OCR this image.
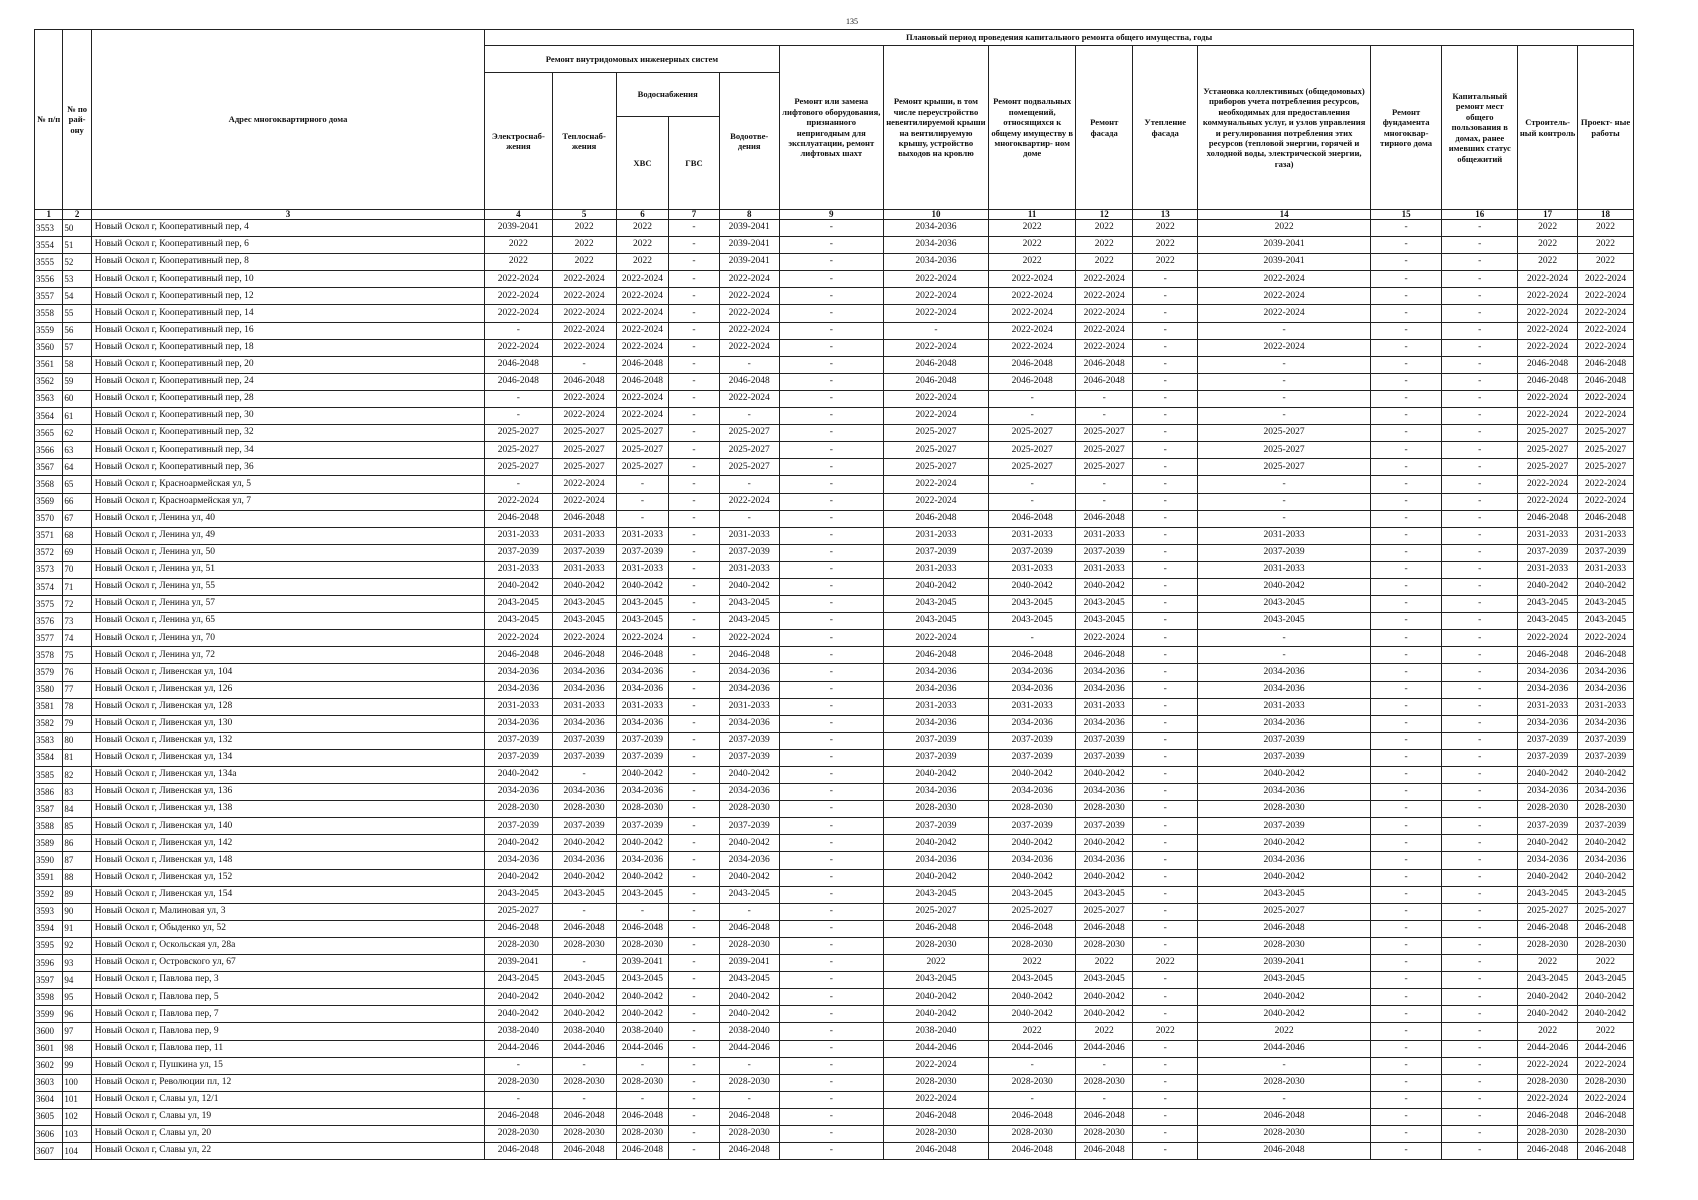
135
№ п/п	№ по рай- ону	Адрес многоквартирного дома	Плановый период проведения капитального ремонта общего имущества, годы														
			Ремонт внутридомовых инженерных систем					Ремонт или замена лифтового оборудования, признанного непригодным для эксплуатации, ремонт лифтовых шахт	Ремонт крыши, в том числе переустройство невентилируемой крыши на вентилируемую крышу, устройство выходов на кровлю	Ремонт подвальных помещений, относящихся к общему имуществу в многоквартир- ном доме	Ремонт фасада	Утепление фасада	Установка коллективных (общедомовых) приборов учета потребления ресурсов, необходимых для предоставления коммунальных услуг, и узлов управления и регулирования потребления этих ресурсов (тепловой энергии, горячей и холодной воды, электрической энергии, газа)	Ремонт фундамента многоквар- тирного дома	Капитальный ремонт мест общего пользования в домах, ранее имевших статус общежитий	Строитель- ный контроль	Проект- ные работы
			Электроснаб- жения	Теплоснаб- жения	Водоснабжения		Водоотве- дения										
					ХВС	ГВС											
1	2	3	4	5	6	7	8	9	10	11	12	13	14	15	16	17	18
3553	50	Новый Оскол г, Кооперативный пер, 4	2039-2041	2022	2022	-	2039-2041	-	2034-2036	2022	2022	2022	2022	-	-	2022	2022
3554	51	Новый Оскол г, Кооперативный пер, 6	2022	2022	2022	-	2039-2041	-	2034-2036	2022	2022	2022	2039-2041	-	-	2022	2022
3555	52	Новый Оскол г, Кооперативный пер, 8	2022	2022	2022	-	2039-2041	-	2034-2036	2022	2022	2022	2039-2041	-	-	2022	2022
3556	53	Новый Оскол г, Кооперативный пер, 10	2022-2024	2022-2024	2022-2024	-	2022-2024	-	2022-2024	2022-2024	2022-2024	-	2022-2024	-	-	2022-2024	2022-2024
3557	54	Новый Оскол г, Кооперативный пер, 12	2022-2024	2022-2024	2022-2024	-	2022-2024	-	2022-2024	2022-2024	2022-2024	-	2022-2024	-	-	2022-2024	2022-2024
3558	55	Новый Оскол г, Кооперативный пер, 14	2022-2024	2022-2024	2022-2024	-	2022-2024	-	2022-2024	2022-2024	2022-2024	-	2022-2024	-	-	2022-2024	2022-2024
3559	56	Новый Оскол г, Кооперативный пер, 16	-	2022-2024	2022-2024	-	2022-2024	-	-	2022-2024	2022-2024	-	-	-	-	2022-2024	2022-2024
3560	57	Новый Оскол г, Кооперативный пер, 18	2022-2024	2022-2024	2022-2024	-	2022-2024	-	2022-2024	2022-2024	2022-2024	-	2022-2024	-	-	2022-2024	2022-2024
3561	58	Новый Оскол г, Кооперативный пер, 20	2046-2048	-	2046-2048	-	-	-	2046-2048	2046-2048	2046-2048	-	-	-	-	2046-2048	2046-2048
3562	59	Новый Оскол г, Кооперативный пер, 24	2046-2048	2046-2048	2046-2048	-	2046-2048	-	2046-2048	2046-2048	2046-2048	-	-	-	-	2046-2048	2046-2048
3563	60	Новый Оскол г, Кооперативный пер, 28	-	2022-2024	2022-2024	-	2022-2024	-	2022-2024	-	-	-	-	-	-	2022-2024	2022-2024
3564	61	Новый Оскол г, Кооперативный пер, 30	-	2022-2024	2022-2024	-	-	-	2022-2024	-	-	-	-	-	-	2022-2024	2022-2024
3565	62	Новый Оскол г, Кооперативный пер, 32	2025-2027	2025-2027	2025-2027	-	2025-2027	-	2025-2027	2025-2027	2025-2027	-	2025-2027	-	-	2025-2027	2025-2027
3566	63	Новый Оскол г, Кооперативный пер, 34	2025-2027	2025-2027	2025-2027	-	2025-2027	-	2025-2027	2025-2027	2025-2027	-	2025-2027	-	-	2025-2027	2025-2027
3567	64	Новый Оскол г, Кооперативный пер, 36	2025-2027	2025-2027	2025-2027	-	2025-2027	-	2025-2027	2025-2027	2025-2027	-	2025-2027	-	-	2025-2027	2025-2027
3568	65	Новый Оскол г, Красноармейская ул, 5	-	2022-2024	-	-	-	-	2022-2024	-	-	-	-	-	-	2022-2024	2022-2024
3569	66	Новый Оскол г, Красноармейская ул, 7	2022-2024	2022-2024	-	-	2022-2024	-	2022-2024	-	-	-	-	-	-	2022-2024	2022-2024
3570	67	Новый Оскол г, Ленина ул, 40	2046-2048	2046-2048	-	-	-	-	2046-2048	2046-2048	2046-2048	-	-	-	-	2046-2048	2046-2048
3571	68	Новый Оскол г, Ленина ул, 49	2031-2033	2031-2033	2031-2033	-	2031-2033	-	2031-2033	2031-2033	2031-2033	-	2031-2033	-	-	2031-2033	2031-2033
3572	69	Новый Оскол г, Ленина ул, 50	2037-2039	2037-2039	2037-2039	-	2037-2039	-	2037-2039	2037-2039	2037-2039	-	2037-2039	-	-	2037-2039	2037-2039
3573	70	Новый Оскол г, Ленина ул, 51	2031-2033	2031-2033	2031-2033	-	2031-2033	-	2031-2033	2031-2033	2031-2033	-	2031-2033	-	-	2031-2033	2031-2033
3574	71	Новый Оскол г, Ленина ул, 55	2040-2042	2040-2042	2040-2042	-	2040-2042	-	2040-2042	2040-2042	2040-2042	-	2040-2042	-	-	2040-2042	2040-2042
3575	72	Новый Оскол г, Ленина ул, 57	2043-2045	2043-2045	2043-2045	-	2043-2045	-	2043-2045	2043-2045	2043-2045	-	2043-2045	-	-	2043-2045	2043-2045
3576	73	Новый Оскол г, Ленина ул, 65	2043-2045	2043-2045	2043-2045	-	2043-2045	-	2043-2045	2043-2045	2043-2045	-	2043-2045	-	-	2043-2045	2043-2045
3577	74	Новый Оскол г, Ленина ул, 70	2022-2024	2022-2024	2022-2024	-	2022-2024	-	2022-2024	-	2022-2024	-	-	-	-	2022-2024	2022-2024
3578	75	Новый Оскол г, Ленина ул, 72	2046-2048	2046-2048	2046-2048	-	2046-2048	-	2046-2048	2046-2048	2046-2048	-	-	-	-	2046-2048	2046-2048
3579	76	Новый Оскол г, Ливенская ул, 104	2034-2036	2034-2036	2034-2036	-	2034-2036	-	2034-2036	2034-2036	2034-2036	-	2034-2036	-	-	2034-2036	2034-2036
3580	77	Новый Оскол г, Ливенская ул, 126	2034-2036	2034-2036	2034-2036	-	2034-2036	-	2034-2036	2034-2036	2034-2036	-	2034-2036	-	-	2034-2036	2034-2036
3581	78	Новый Оскол г, Ливенская ул, 128	2031-2033	2031-2033	2031-2033	-	2031-2033	-	2031-2033	2031-2033	2031-2033	-	2031-2033	-	-	2031-2033	2031-2033
3582	79	Новый Оскол г, Ливенская ул, 130	2034-2036	2034-2036	2034-2036	-	2034-2036	-	2034-2036	2034-2036	2034-2036	-	2034-2036	-	-	2034-2036	2034-2036
3583	80	Новый Оскол г, Ливенская ул, 132	2037-2039	2037-2039	2037-2039	-	2037-2039	-	2037-2039	2037-2039	2037-2039	-	2037-2039	-	-	2037-2039	2037-2039
3584	81	Новый Оскол г, Ливенская ул, 134	2037-2039	2037-2039	2037-2039	-	2037-2039	-	2037-2039	2037-2039	2037-2039	-	2037-2039	-	-	2037-2039	2037-2039
3585	82	Новый Оскол г, Ливенская ул, 134а	2040-2042	-	2040-2042	-	2040-2042	-	2040-2042	2040-2042	2040-2042	-	2040-2042	-	-	2040-2042	2040-2042
3586	83	Новый Оскол г, Ливенская ул, 136	2034-2036	2034-2036	2034-2036	-	2034-2036	-	2034-2036	2034-2036	2034-2036	-	2034-2036	-	-	2034-2036	2034-2036
3587	84	Новый Оскол г, Ливенская ул, 138	2028-2030	2028-2030	2028-2030	-	2028-2030	-	2028-2030	2028-2030	2028-2030	-	2028-2030	-	-	2028-2030	2028-2030
3588	85	Новый Оскол г, Ливенская ул, 140	2037-2039	2037-2039	2037-2039	-	2037-2039	-	2037-2039	2037-2039	2037-2039	-	2037-2039	-	-	2037-2039	2037-2039
3589	86	Новый Оскол г, Ливенская ул, 142	2040-2042	2040-2042	2040-2042	-	2040-2042	-	2040-2042	2040-2042	2040-2042	-	2040-2042	-	-	2040-2042	2040-2042
3590	87	Новый Оскол г, Ливенская ул, 148	2034-2036	2034-2036	2034-2036	-	2034-2036	-	2034-2036	2034-2036	2034-2036	-	2034-2036	-	-	2034-2036	2034-2036
3591	88	Новый Оскол г, Ливенская ул, 152	2040-2042	2040-2042	2040-2042	-	2040-2042	-	2040-2042	2040-2042	2040-2042	-	2040-2042	-	-	2040-2042	2040-2042
3592	89	Новый Оскол г, Ливенская ул, 154	2043-2045	2043-2045	2043-2045	-	2043-2045	-	2043-2045	2043-2045	2043-2045	-	2043-2045	-	-	2043-2045	2043-2045
3593	90	Новый Оскол г, Малиновая ул, 3	2025-2027	-	-	-	-	-	2025-2027	2025-2027	2025-2027	-	2025-2027	-	-	2025-2027	2025-2027
3594	91	Новый Оскол г, Обыденко ул, 52	2046-2048	2046-2048	2046-2048	-	2046-2048	-	2046-2048	2046-2048	2046-2048	-	2046-2048	-	-	2046-2048	2046-2048
3595	92	Новый Оскол г, Оскольская ул, 28а	2028-2030	2028-2030	2028-2030	-	2028-2030	-	2028-2030	2028-2030	2028-2030	-	2028-2030	-	-	2028-2030	2028-2030
3596	93	Новый Оскол г, Островского ул, 67	2039-2041	-	2039-2041	-	2039-2041	-	2022	2022	2022	2022	2039-2041	-	-	2022	2022
3597	94	Новый Оскол г, Павлова пер, 3	2043-2045	2043-2045	2043-2045	-	2043-2045	-	2043-2045	2043-2045	2043-2045	-	2043-2045	-	-	2043-2045	2043-2045
3598	95	Новый Оскол г, Павлова пер, 5	2040-2042	2040-2042	2040-2042	-	2040-2042	-	2040-2042	2040-2042	2040-2042	-	2040-2042	-	-	2040-2042	2040-2042
3599	96	Новый Оскол г, Павлова пер, 7	2040-2042	2040-2042	2040-2042	-	2040-2042	-	2040-2042	2040-2042	2040-2042	-	2040-2042	-	-	2040-2042	2040-2042
3600	97	Новый Оскол г, Павлова пер, 9	2038-2040	2038-2040	2038-2040	-	2038-2040	-	2038-2040	2022	2022	2022	2022	-	-	2022	2022
3601	98	Новый Оскол г, Павлова пер, 11	2044-2046	2044-2046	2044-2046	-	2044-2046	-	2044-2046	2044-2046	2044-2046	-	2044-2046	-	-	2044-2046	2044-2046
3602	99	Новый Оскол г, Пушкина ул, 15	-	-	-	-	-	-	2022-2024	-	-	-	-	-	-	2022-2024	2022-2024
3603	100	Новый Оскол г, Революции пл, 12	2028-2030	2028-2030	2028-2030	-	2028-2030	-	2028-2030	2028-2030	2028-2030	-	2028-2030	-	-	2028-2030	2028-2030
3604	101	Новый Оскол г, Славы ул, 12/1	-	-	-	-	-	-	2022-2024	-	-	-	-	-	-	2022-2024	2022-2024
3605	102	Новый Оскол г, Славы ул, 19	2046-2048	2046-2048	2046-2048	-	2046-2048	-	2046-2048	2046-2048	2046-2048	-	2046-2048	-	-	2046-2048	2046-2048
3606	103	Новый Оскол г, Славы ул, 20	2028-2030	2028-2030	2028-2030	-	2028-2030	-	2028-2030	2028-2030	2028-2030	-	2028-2030	-	-	2028-2030	2028-2030
3607	104	Новый Оскол г, Славы ул, 22	2046-2048	2046-2048	2046-2048	-	2046-2048	-	2046-2048	2046-2048	2046-2048	-	2046-2048	-	-	2046-2048	2046-2048
